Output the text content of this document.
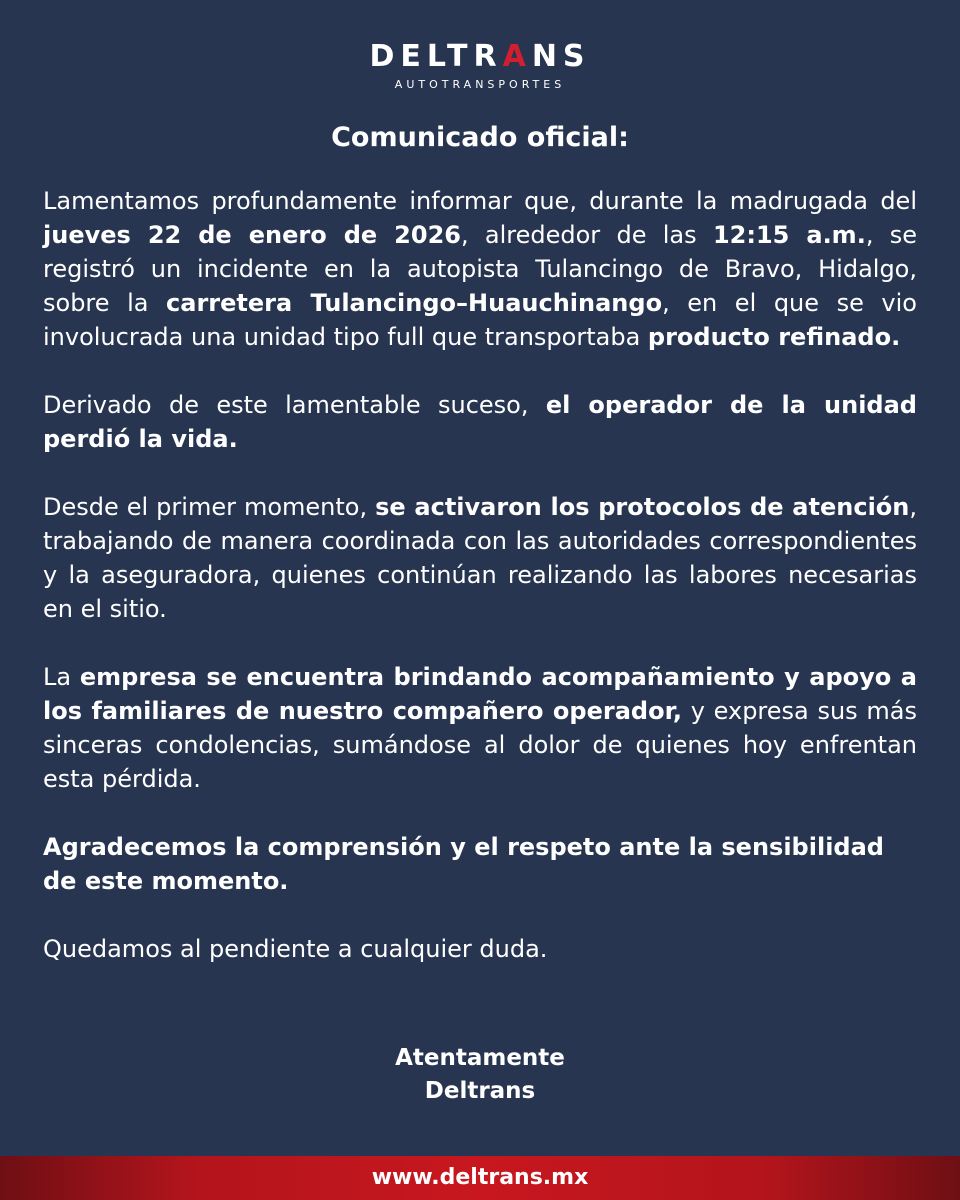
DELTRANS
AUTOTRANSPORTES
Comunicado oficial:

Lamentamos profundamente informar que, durante la madrugada del jueves 22 de enero de 2026, alrededor de las 12:15 a.m., se registró un incidente en la autopista Tulancingo de Bravo, Hidalgo, sobre la carretera Tulancingo–Huauchinango, en el que se vio involucrada una unidad tipo full que transportaba producto refinado.

Derivado de este lamentable suceso, el operador de la unidad perdió la vida.

Desde el primer momento, se activaron los protocolos de atención, trabajando de manera coordinada con las autoridades correspondientes y la aseguradora, quienes continúan realizando las labores necesarias en el sitio.

La empresa se encuentra brindando acompañamiento y apoyo a los familiares de nuestro compañero operador, y expresa sus más sinceras condolencias, sumándose al dolor de quienes hoy enfrentan esta pérdida.

Agradecemos la comprensión y el respeto ante la sensibilidad de este momento.

Quedamos al pendiente a cualquier duda.

Atentamente
Deltrans
www.deltrans.mx
